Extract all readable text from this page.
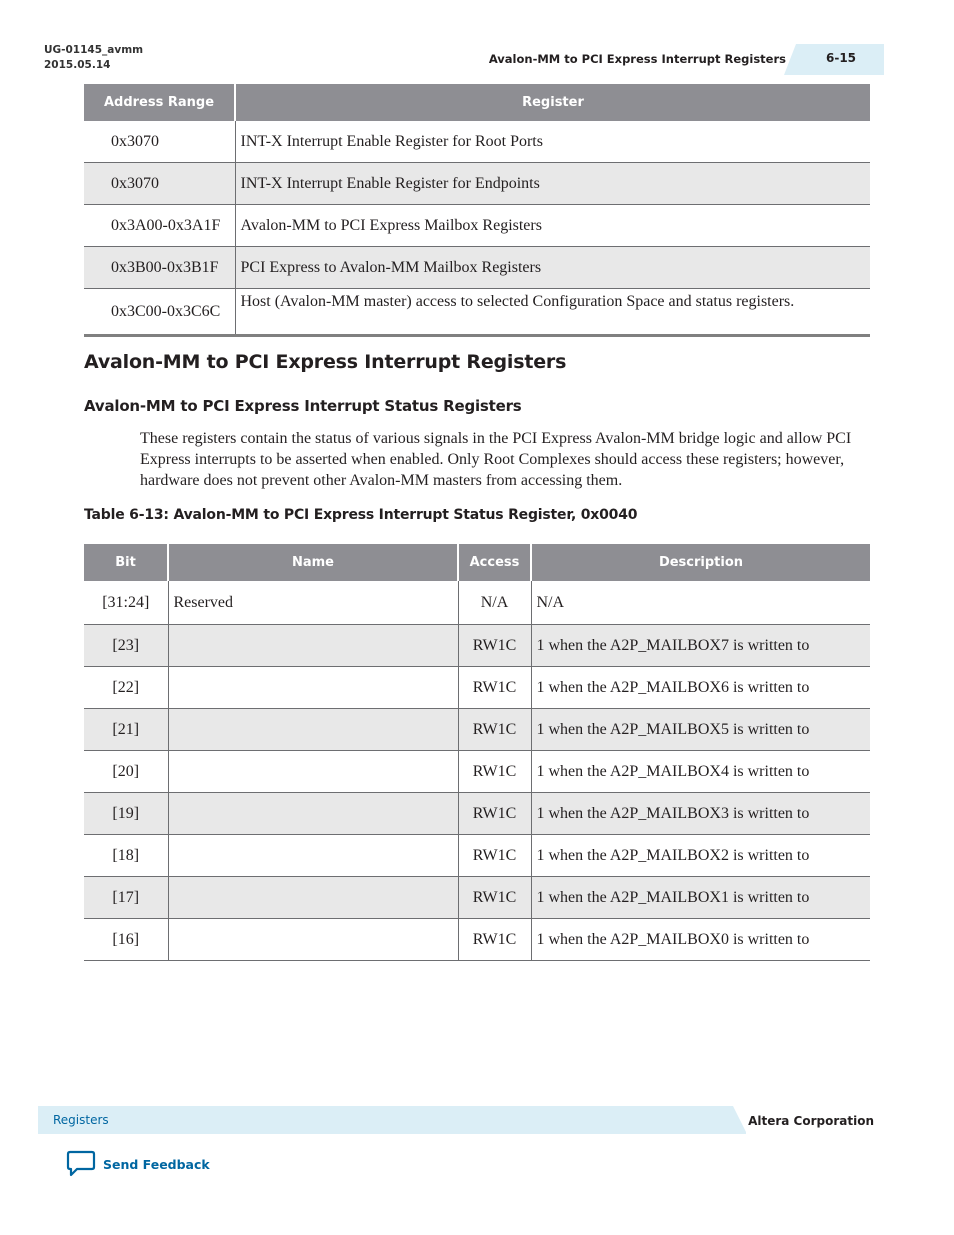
UG-01145_avmm
2015.05.14	Avalon-MM to PCI Express Interrupt Registers	6-15
Address Range	Register
0x3070	INT-X Interrupt Enable Register for Root Ports
0x3070	INT-X Interrupt Enable Register for Endpoints
0x3A00-0x3A1F	Avalon-MM to PCI Express Mailbox Registers
0x3B00-0x3B1F	PCI Express to Avalon-MM Mailbox Registers
0x3C00-0x3C6C	Host (Avalon-MM master) access to selected Configuration Space and status registers.
Avalon-MM to PCI Express Interrupt Registers
Avalon-MM to PCI Express Interrupt Status Registers

These registers contain the status of various signals in the PCI Express Avalon-MM bridge logic and allow PCI Express interrupts to be asserted when enabled. Only Root Complexes should access these registers; however, hardware does not prevent other Avalon-MM masters from accessing them.

Table 6-13: Avalon-MM to PCI Express Interrupt Status Register, 0x0040

Bit	Name	Access	Description
[31:24]	Reserved	N/A	N/A
[23]		RW1C	1 when the A2P_MAILBOX7 is written to
[22]		RW1C	1 when the A2P_MAILBOX6 is written to
[21]		RW1C	1 when the A2P_MAILBOX5 is written to
[20]		RW1C	1 when the A2P_MAILBOX4 is written to
[19]		RW1C	1 when the A2P_MAILBOX3 is written to
[18]		RW1C	1 when the A2P_MAILBOX2 is written to
[17]		RW1C	1 when the A2P_MAILBOX1 is written to
[16]		RW1C	1 when the A2P_MAILBOX0 is written to
Registers	Altera Corporation
Send Feedback
